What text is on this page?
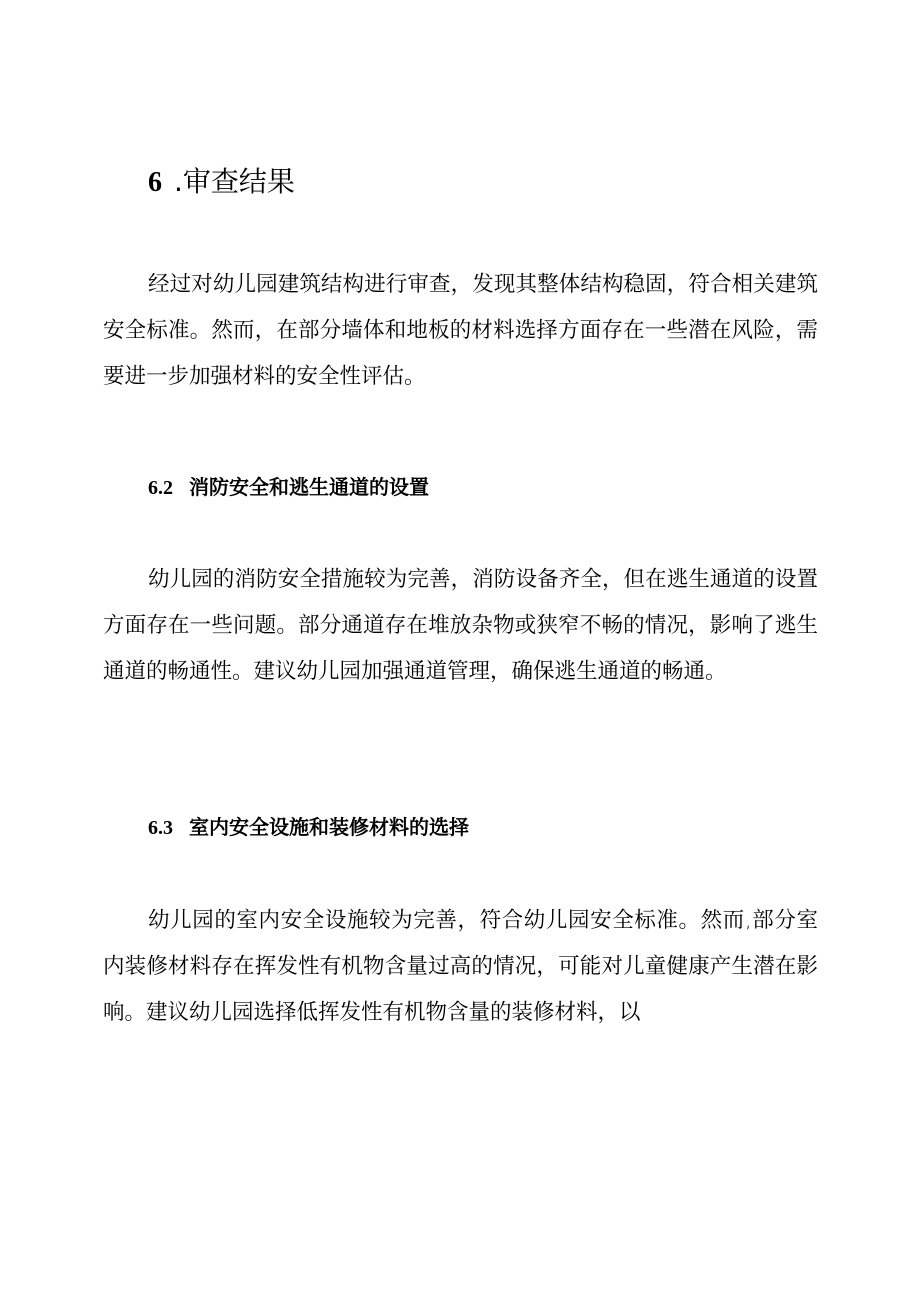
6 .审查结果

经过对幼儿园建筑结构进行审查，发现其整体结构稳固，符合相关建筑安全标准。然而，在部分墙体和地板的材料选择方面存在一些潜在风险，需要进一步加强材料的安全性评估。

6.2 消防安全和逃生通道的设置

幼儿园的消防安全措施较为完善，消防设备齐全，但在逃生通道的设置方面存在一些问题。部分通道存在堆放杂物或狭窄不畅的情况，影响了逃生通道的畅通性。建议幼儿园加强通道管理，确保逃生通道的畅通。

6.3 室内安全设施和装修材料的选择

幼儿园的室内安全设施较为完善，符合幼儿园安全标准。然而,部分室内装修材料存在挥发性有机物含量过高的情况，可能对儿童健康产生潜在影响。建议幼儿园选择低挥发性有机物含量的装修材料，以
